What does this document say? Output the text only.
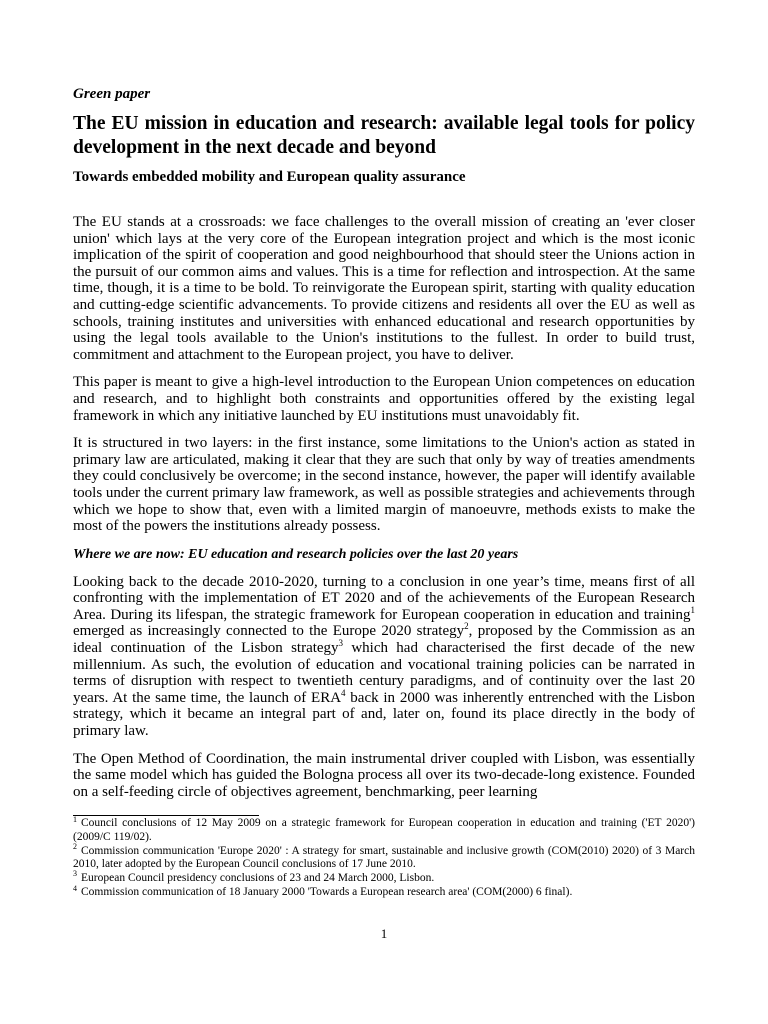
Green paper

The EU mission in education and research: available legal tools for policy development in the next decade and beyond
Towards embedded mobility and European quality assurance

The EU stands at a crossroads: we face challenges to the overall mission of creating an 'ever closer union' which lays at the very core of the European integration project and which is the most iconic implication of the spirit of cooperation and good neighbourhood that should steer the Unions action in the pursuit of our common aims and values. This is a time for reflection and introspection. At the same time, though, it is a time to be bold. To reinvigorate the European spirit, starting with quality education and cutting-edge scientific advancements. To provide citizens and residents all over the EU as well as schools, training institutes and universities with enhanced educational and research opportunities by using the legal tools available to the Union's institutions to the fullest. In order to build trust, commitment and attachment to the European project, you have to deliver.

This paper is meant to give a high-level introduction to the European Union competences on education and research, and to highlight both constraints and opportunities offered by the existing legal framework in which any initiative launched by EU institutions must unavoidably fit.

It is structured in two layers: in the first instance, some limitations to the Union's action as stated in primary law are articulated, making it clear that they are such that only by way of treaties amendments they could conclusively be overcome; in the second instance, however, the paper will identify available tools under the current primary law framework, as well as possible strategies and achievements through which we hope to show that, even with a limited margin of manoeuvre, methods exists to make the most of the powers the institutions already possess.

Where we are now: EU education and research policies over the last 20 years

Looking back to the decade 2010-2020, turning to a conclusion in one year’s time, means first of all confronting with the implementation of ET 2020 and of the achievements of the European Research Area. During its lifespan, the strategic framework for European cooperation in education and training$^1$ emerged as increasingly connected to the Europe 2020 strategy$^2$, proposed by the Commission as an ideal continuation of the Lisbon strategy$^3$ which had characterised the first decade of the new millennium. As such, the evolution of education and vocational training policies can be narrated in terms of disruption with respect to twentieth century paradigms, and of continuity over the last 20 years. At the same time, the launch of ERA$^4$ back in 2000 was inherently entrenched with the Lisbon strategy, which it became an integral part of and, later on, found its place directly in the body of primary law.

The Open Method of Coordination, the main instrumental driver coupled with Lisbon, was essentially the same model which has guided the Bologna process all over its two-decade-long existence. Founded on a self-feeding circle of objectives agreement, benchmarking, peer learning

$^1$ Council conclusions of 12 May 2009 on a strategic framework for European cooperation in education and training ('ET 2020') (2009/C 119/02).

$^2$ Commission communication 'Europe 2020' : A strategy for smart, sustainable and inclusive growth (COM(2010) 2020) of 3 March 2010, later adopted by the European Council conclusions of 17 June 2010.

$^3$ European Council presidency conclusions of 23 and 24 March 2000, Lisbon.

$^4$ Commission communication of 18 January 2000 'Towards a European research area' (COM(2000) 6 final).

1
